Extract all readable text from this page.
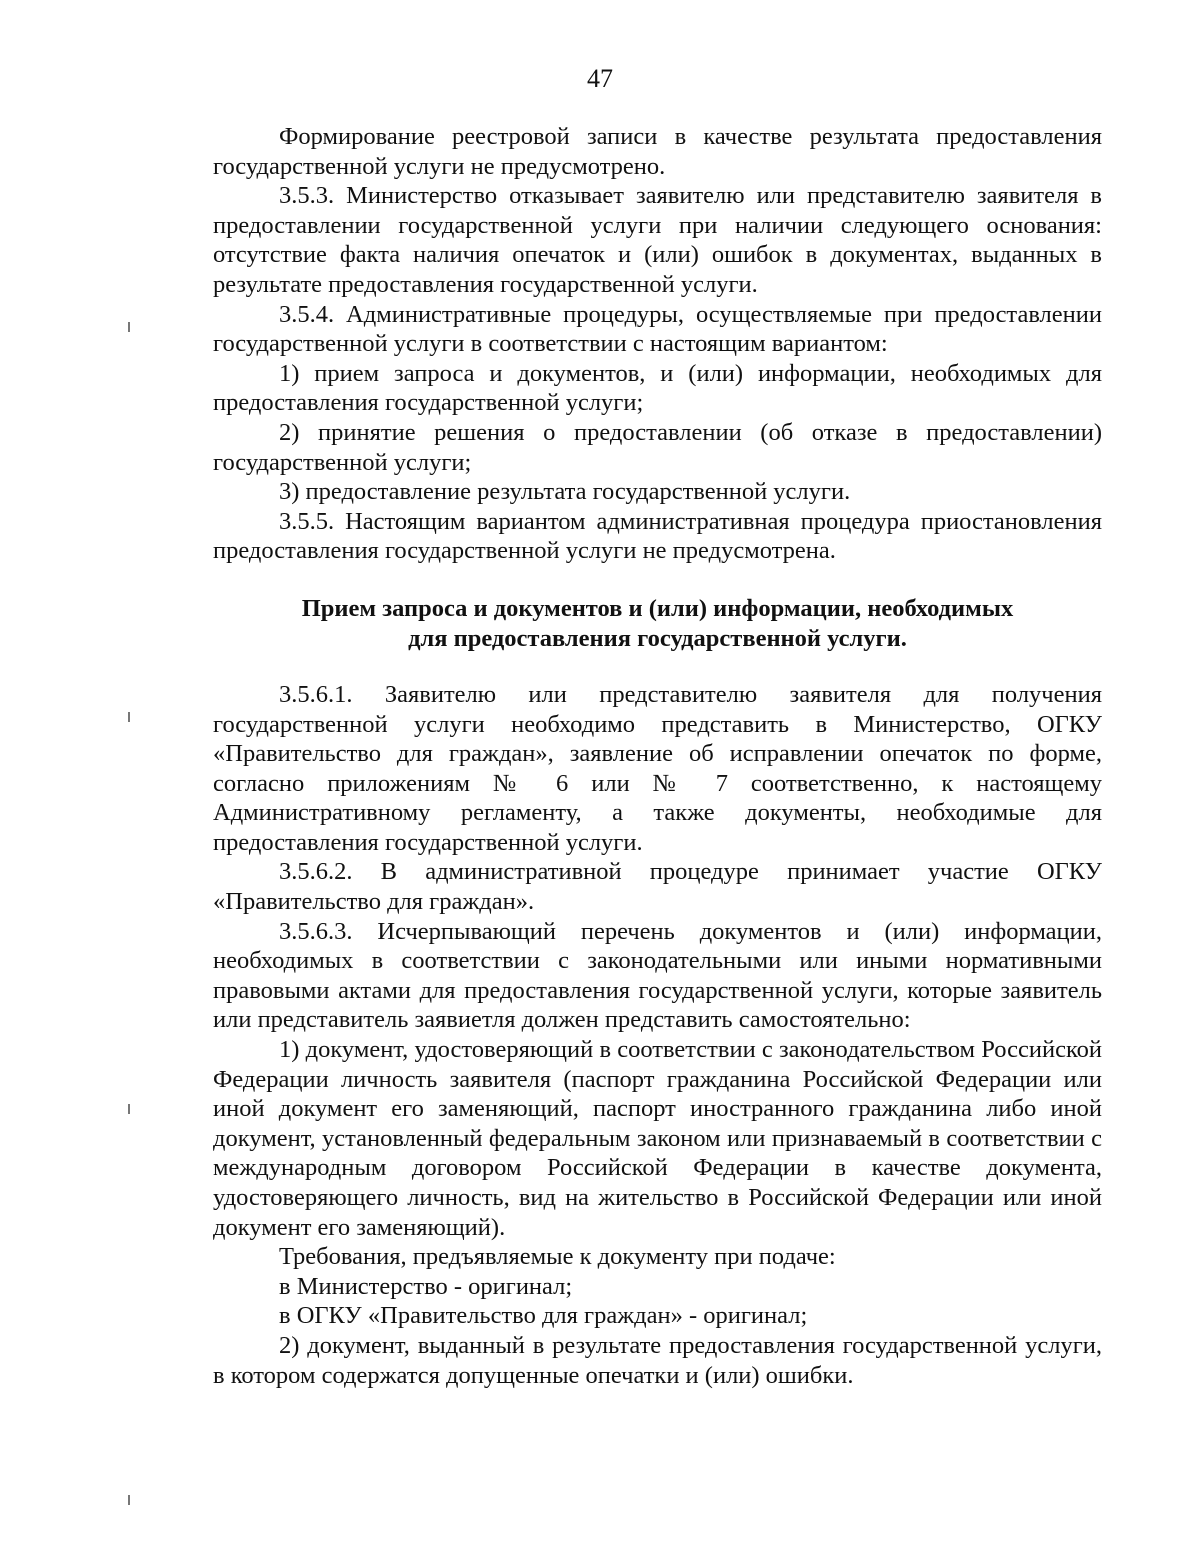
47

Формирование реестровой записи в качестве результата предоставления государственной услуги не предусмотрено.

3.5.3. Министерство отказывает заявителю или представителю заявителя в предоставлении государственной услуги при наличии следующего основания: отсутствие факта наличия опечаток и (или) ошибок в документах, выданных в результате предоставления государственной услуги.

3.5.4. Административные процедуры, осуществляемые при предоставлении государственной услуги в соответствии с настоящим вариантом:

1) прием запроса и документов, и (или) информации, необходимых для предоставления государственной услуги;

2) принятие решения о предоставлении (об отказе в предоставлении) государственной услуги;

3) предоставление результата государственной услуги.

3.5.5. Настоящим вариантом административная процедура приостановления предоставления государственной услуги не предусмотрена.

Прием запроса и документов и (или) информации, необходимых
для предоставления государственной услуги.

3.5.6.1. Заявителю или представителю заявителя для получения государственной услуги необходимо представить в Министерство, ОГКУ «Правительство для граждан», заявление об исправлении опечаток по форме, согласно приложениям № 6 или № 7 соответственно, к настоящему Административному регламенту, а также документы, необходимые для предоставления государственной услуги.

3.5.6.2. В административной процедуре принимает участие ОГКУ «Правительство для граждан».

3.5.6.3. Исчерпывающий перечень документов и (или) информации, необходимых в соответствии с законодательными или иными нормативными правовыми актами для предоставления государственной услуги, которые заявитель или представитель заявиетля должен представить самостоятельно:

1) документ, удостоверяющий в соответствии с законодательством Российской Федерации личность заявителя (паспорт гражданина Российской Федерации или иной документ его заменяющий, паспорт иностранного гражданина либо иной документ, установленный федеральным законом или признаваемый в соответствии с международным договором Российской Федерации в качестве документа, удостоверяющего личность, вид на жительство в Российской Федерации или иной документ его заменяющий).

Требования, предъявляемые к документу при подаче:

в Министерство - оригинал;

в ОГКУ «Правительство для граждан» - оригинал;

2) документ, выданный в результате предоставления государственной услуги, в котором содержатся допущенные опечатки и (или) ошибки.
